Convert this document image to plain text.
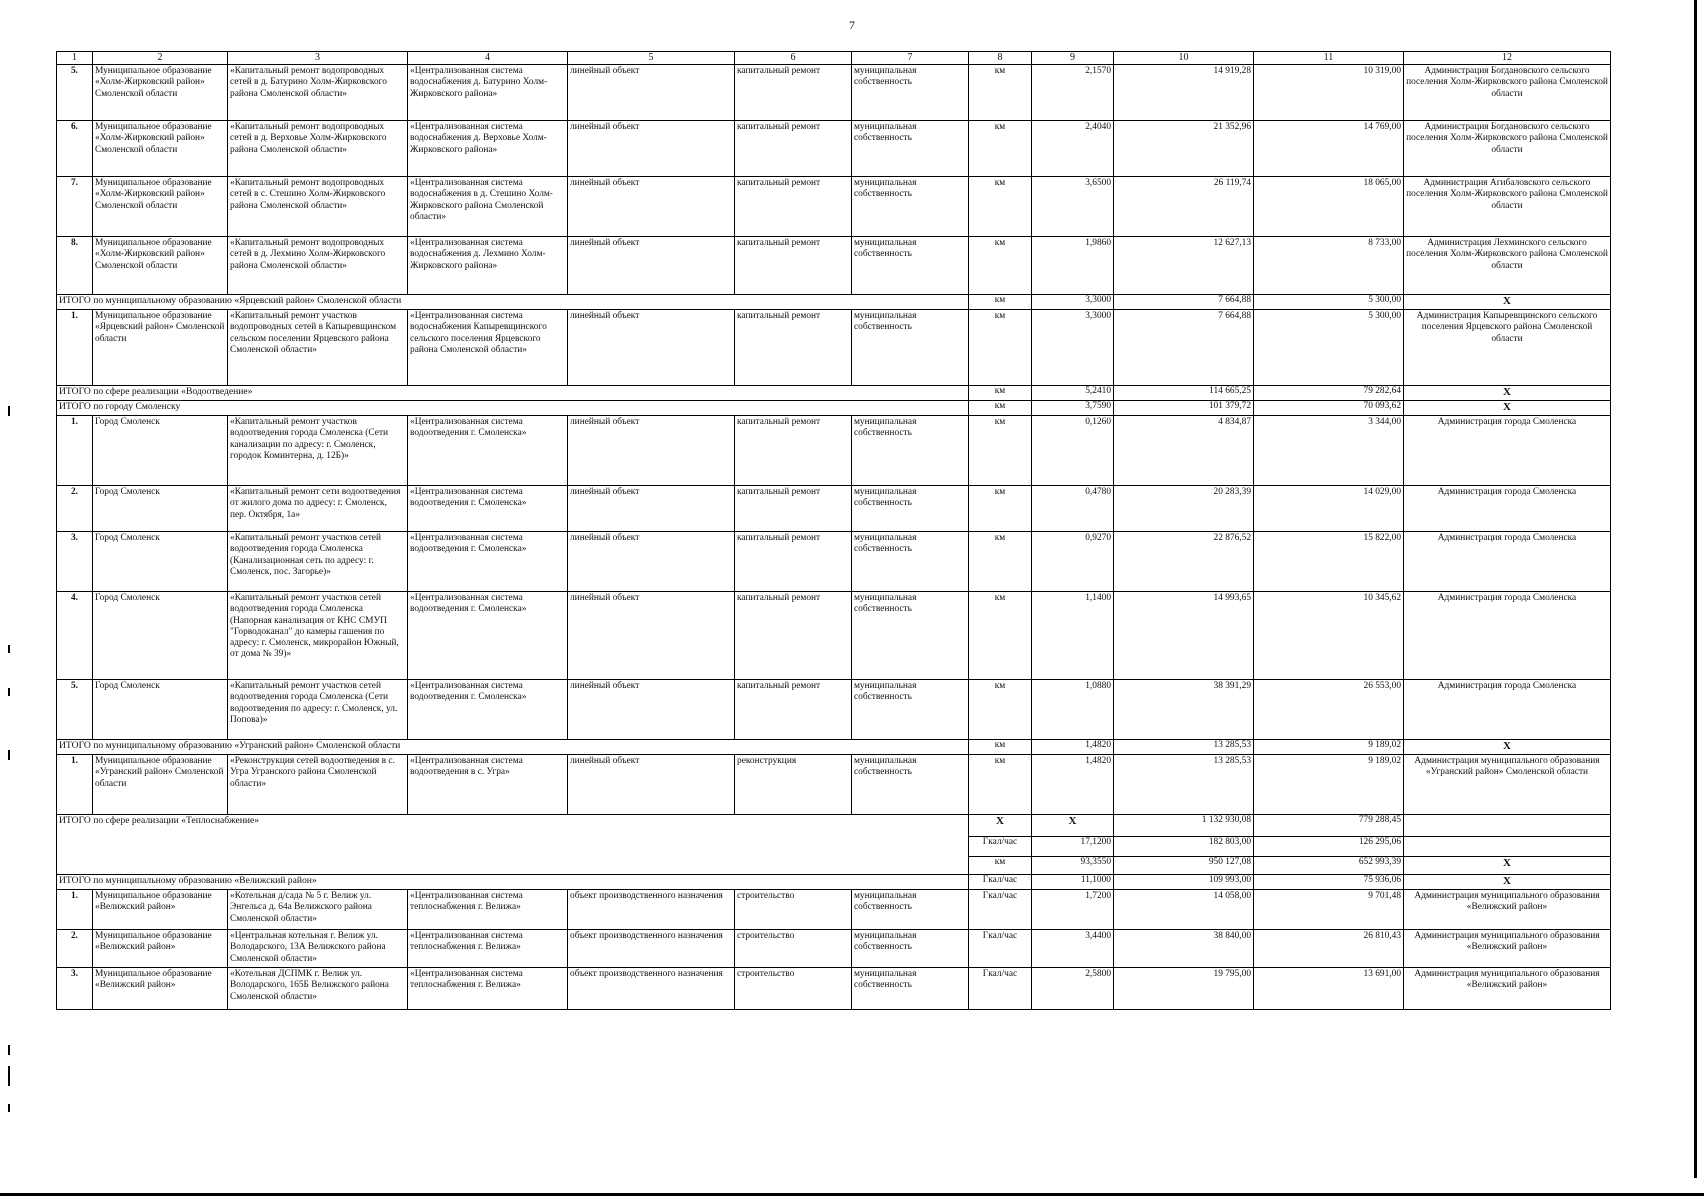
7
1	2	3	4	5	6	7	8	9	10	11	12
5.	Муниципальное образование «Холм-Жирковский район» Смоленской области	«Капитальный ремонт водопроводных сетей в д. Батурино Холм-Жирковского района Смоленской области»	«Централизованная система водоснабжения д. Батурино Холм-Жирковского района»	линейный объект	капитальный ремонт	муниципальная собственность	км	2,1570	14 919,28	10 319,00	Администрация Богдановского сельского поселения Холм-Жирковского района Смоленской области
6.	Муниципальное образование «Холм-Жирковский район» Смоленской области	«Капитальный ремонт водопроводных сетей в д. Верховье Холм-Жирковского района Смоленской области»	«Централизованная система водоснабжения д. Верховье Холм-Жирковского района»	линейный объект	капитальный ремонт	муниципальная собственность	км	2,4040	21 352,96	14 769,00	Администрация Богдановского сельского поселения Холм-Жирковского района Смоленской области
7.	Муниципальное образование «Холм-Жирковский район» Смоленской области	«Капитальный ремонт водопроводных сетей в с. Стешино Холм-Жирковского района Смоленской области»	«Централизованная система водоснабжения в д. Стешино Холм-Жирковского района Смоленской области»	линейный объект	капитальный ремонт	муниципальная собственность	км	3,6500	26 119,74	18 065,00	Администрация Агибаловского сельского поселения Холм-Жирковского района Смоленской области
8.	Муниципальное образование «Холм-Жирковский район» Смоленской области	«Капитальный ремонт водопроводных сетей в д. Лехмино Холм-Жирковского района Смоленской области»	«Централизованная система водоснабжения д. Лехмино Холм-Жирковского района»	линейный объект	капитальный ремонт	муниципальная собственность	км	1,9860	12 627,13	8 733,00	Администрация Лехминского сельского поселения Холм-Жирковского района Смоленской области
ИТОГО по муниципальному образованию «Ярцевский район» Смоленской области							км	3,3000	7 664,88	5 300,00	X
1.	Муниципальное образование «Ярцевский район» Смоленской области	«Капитальный ремонт участков водопроводных сетей в Капыревщинском сельском поселении Ярцевского района Смоленской области»	«Централизованная система водоснабжения Капыревщинского сельского поселения Ярцевского района Смоленской области»	линейный объект	капитальный ремонт	муниципальная собственность	км	3,3000	7 664,88	5 300,00	Администрация Капыревщинского сельского поселения Ярцевского района Смоленской области
ИТОГО по сфере реализации «Водоотведение»							км	5,2410	114 665,25	79 282,64	X
ИТОГО по городу Смоленску							км	3,7590	101 379,72	70 093,62	X
1.	Город Смоленск	«Капитальный ремонт участков водоотведения города Смоленска (Сети канализации по адресу: г. Смоленск, городок Коминтерна, д. 12Б)»	«Централизованная система водоотведения г. Смоленска»	линейный объект	капитальный ремонт	муниципальная собственность	км	0,1260	4 834,87	3 344,00	Администрация города Смоленска
2.	Город Смоленск	«Капитальный ремонт сети водоотведения от жилого дома по адресу: г. Смоленск, пер. Октября, 1а»	«Централизованная система водоотведения г. Смоленска»	линейный объект	капитальный ремонт	муниципальная собственность	км	0,4780	20 283,39	14 029,00	Администрация города Смоленска
3.	Город Смоленск	«Капитальный ремонт участков сетей водоотведения города Смоленска (Канализационная сеть по адресу: г. Смоленск, пос. Загорье)»	«Централизованная система водоотведения г. Смоленска»	линейный объект	капитальный ремонт	муниципальная собственность	км	0,9270	22 876,52	15 822,00	Администрация города Смоленска
4.	Город Смоленск	«Капитальный ремонт участков сетей водоотведения города Смоленска (Напорная канализация от КНС СМУП "Горводоканал" до камеры гашения по адресу: г. Смоленск, микрорайон Южный, от дома № 39)»	«Централизованная система водоотведения г. Смоленска»	линейный объект	капитальный ремонт	муниципальная собственность	км	1,1400	14 993,65	10 345,62	Администрация города Смоленска
5.	Город Смоленск	«Капитальный ремонт участков сетей водоотведения города Смоленска (Сети водоотведения по адресу: г. Смоленск, ул. Попова)»	«Централизованная система водоотведения г. Смоленска»	линейный объект	капитальный ремонт	муниципальная собственность	км	1,0880	38 391,29	26 553,00	Администрация города Смоленска
ИТОГО по муниципальному образованию «Угранский район» Смоленской области							км	1,4820	13 285,53	9 189,02	X
1.	Муниципальное образование «Угранский район» Смоленской области	«Реконструкция сетей водоотведения в с. Угра Угранского района Смоленской области»	«Централизованная система водоотведения в с. Угра»	линейный объект	реконструкция	муниципальная собственность	км	1,4820	13 285,53	9 189,02	Администрация муниципального образования «Угранский район» Смоленской области
ИТОГО по сфере реализации «Теплоснабжение»							X	X	1 132 930,08	779 288,45	
							Гкал/час	17,1200	182 803,00	126 295,06	
							км	93,3550	950 127,08	652 993,39	X
ИТОГО по муниципальному образованию «Велижский район»							Гкал/час	11,1000	109 993,00	75 936,06	X
1.	Муниципальное образование «Велижский район»	«Котельная д/сада № 5 г. Велиж ул. Энгельса д. 64а Велижского района Смоленской области»	«Централизованная система теплоснабжения г. Велижа»	объект производственного назначения	строительство	муниципальная собственность	Гкал/час	1,7200	14 058,00	9 701,48	Администрация муниципального образования «Велижский район»
2.	Муниципальное образование «Велижский район»	«Центральная котельная г. Велиж ул. Володарского, 13А Велижского района Смоленской области»	«Централизованная система теплоснабжения г. Велижа»	объект производственного назначения	строительство	муниципальная собственность	Гкал/час	3,4400	38 840,00	26 810,43	Администрация муниципального образования «Велижский район»
3.	Муниципальное образование «Велижский район»	«Котельная ДСПМК г. Велиж ул. Володарского, 165Б Велижского района Смоленской области»	«Централизованная система теплоснабжения г. Велижа»	объект производственного назначения	строительство	муниципальная собственность	Гкал/час	2,5800	19 795,00	13 691,00	Администрация муниципального образования «Велижский район»
